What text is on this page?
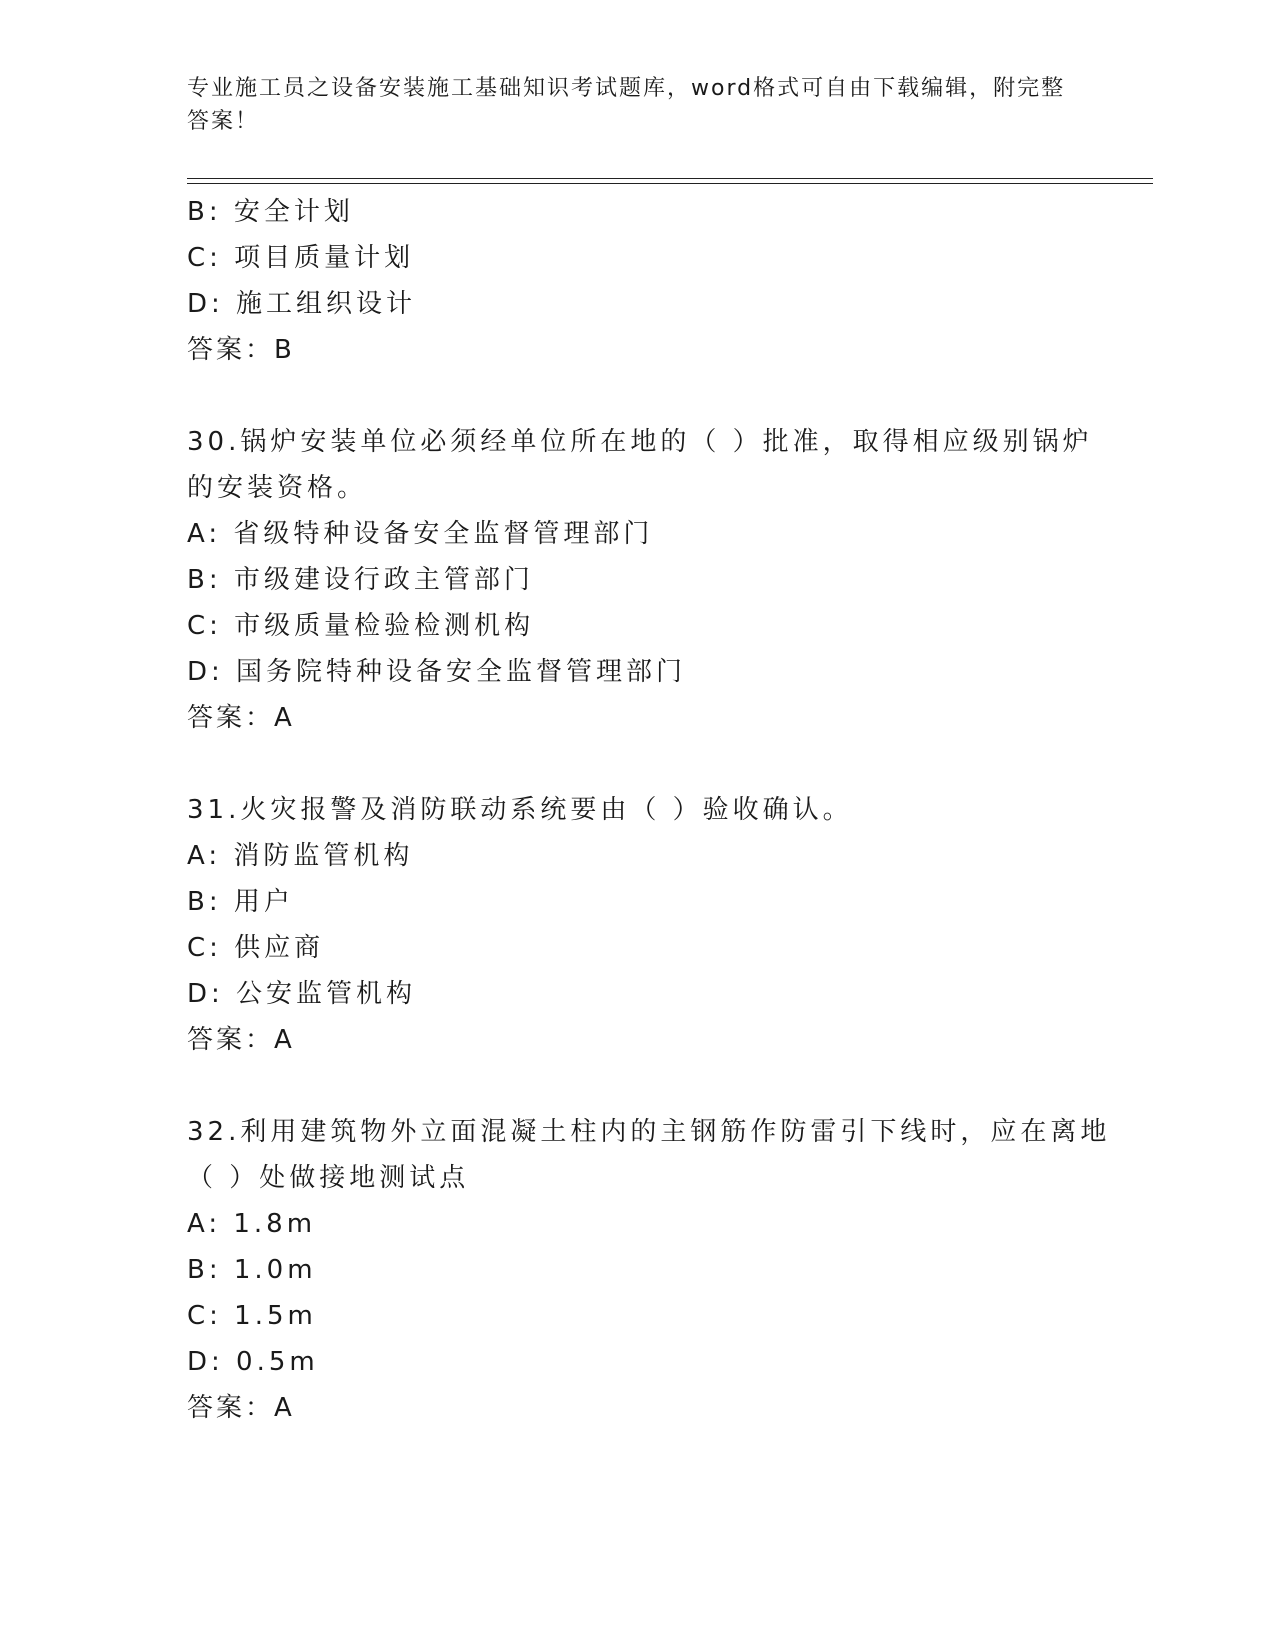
专业施工员之设备安装施工基础知识考试题库，word格式可自由下载编辑，附完整答案！
B: 安全计划
C: 项目质量计划
D: 施工组织设计
答案：B
30.锅炉安装单位必须经单位所在地的（ ）批准，取得相应级别锅炉
的安装资格。
A: 省级特种设备安全监督管理部门
B: 市级建设行政主管部门
C: 市级质量检验检测机构
D: 国务院特种设备安全监督管理部门
答案：A
31.火灾报警及消防联动系统要由（ ）验收确认。
A: 消防监管机构
B: 用户
C: 供应商
D: 公安监管机构
答案：A
32.利用建筑物外立面混凝土柱内的主钢筋作防雷引下线时，应在离地
（ ）处做接地测试点
A: 1.8m
B: 1.0m
C: 1.5m
D: 0.5m
答案：A
